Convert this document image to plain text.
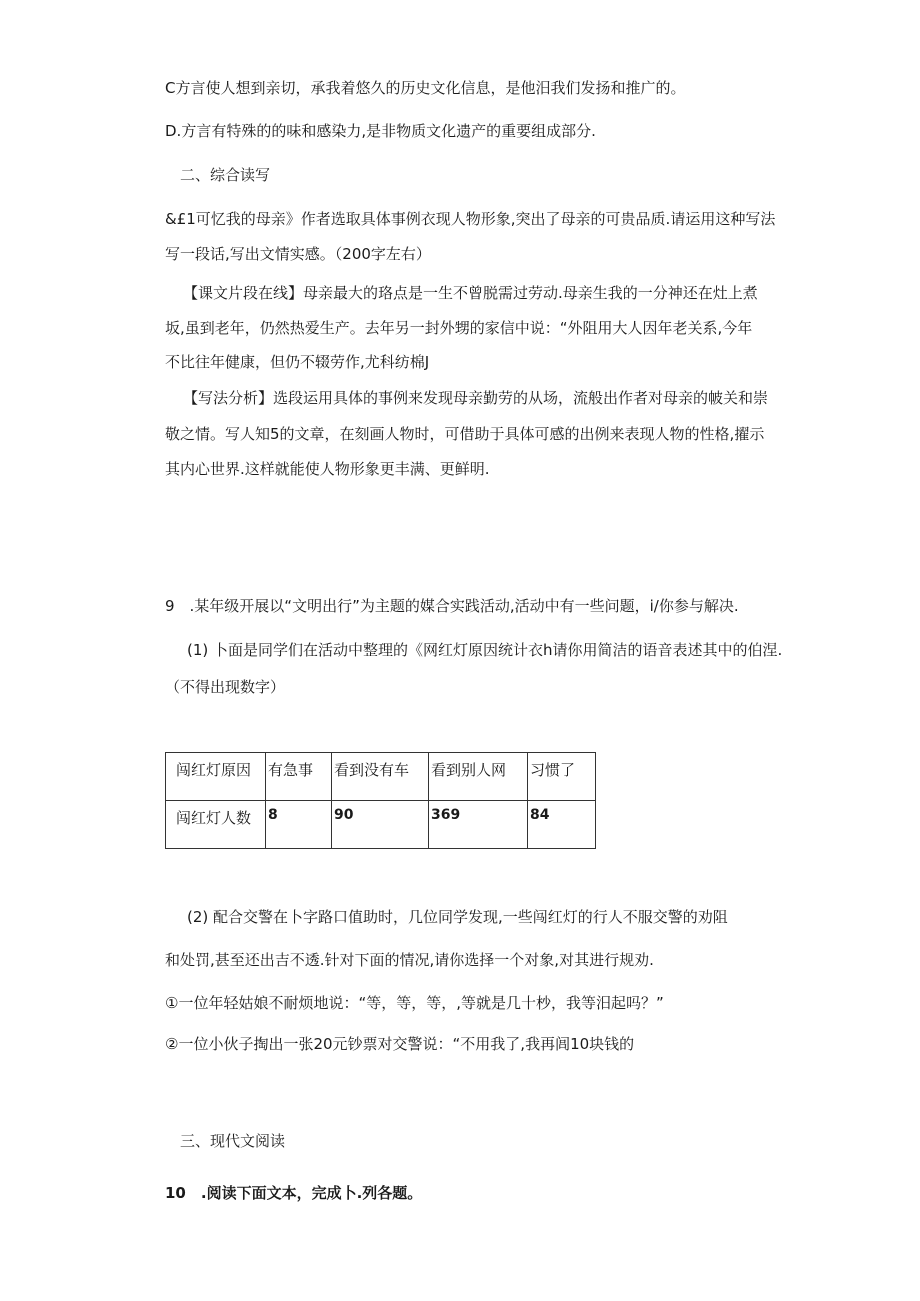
C方言使人想到亲切，承我着悠久的历史文化信息，是他汨我们发扬和推广的。
D.方言有特殊的的味和感染力,是非物质文化遗产的重要组成部分.
二、综合读写
&£1可忆我的母亲》作者选取具体事例衣现人物形象,突出了母亲的可贵品质.请运用这种写法
写一段话,写出文情实感。（200字左右）
【课文片段在线】母亲最大的珞点是一生不曾脱需过劳动.母亲生我的一分神还在灶上煮
坂,虽到老年，仍然热爱生产。去年另一封外甥的家信中说：“外阻用大人因年老关系,今年
不比往年健康，但仍不辍劳作,尤科纺棉J
【写法分析】选段运用具体的事例来发现母亲勤劳的从场，流般出作者对母亲的帔关和崇
敬之情。写人知5的文章，在刻画人物时，可借助于具体可感的出例来表现人物的性格,擢示
其内心世界.这样就能使人物形象更丰满、更鲜明.
9　.某年级开展以“文明出行”为主题的媒合实践活动,活动中有一些问题，i/你参与解决.
(1) 卜面是同学们在活动中整理的《网红灯原因统计衣h请你用简洁的语音表述其中的伯涅.
（不得出现数字）
闯红灯原因	有急事	看到没有车	看到别人网	习惯了
闯红灯人数	8	90	369	84
(2) 配合交警在卜字路口值助时，几位同学发现,一些闯红灯的行人不服交警的劝阻
和处罚,甚至还出吉不透.针对下面的情况,请你选择一个对象,对其进行规劝.
①一位年轻姑娘不耐烦地说：“等，等，等，,等就是几十杪，我等汨起吗？”
②一位小伙子掏出一张20元钞票对交警说：“不用我了,我再闾10块钱的
三、现代文阅读
10　.阅读下面文本，完成卜.列各题。
